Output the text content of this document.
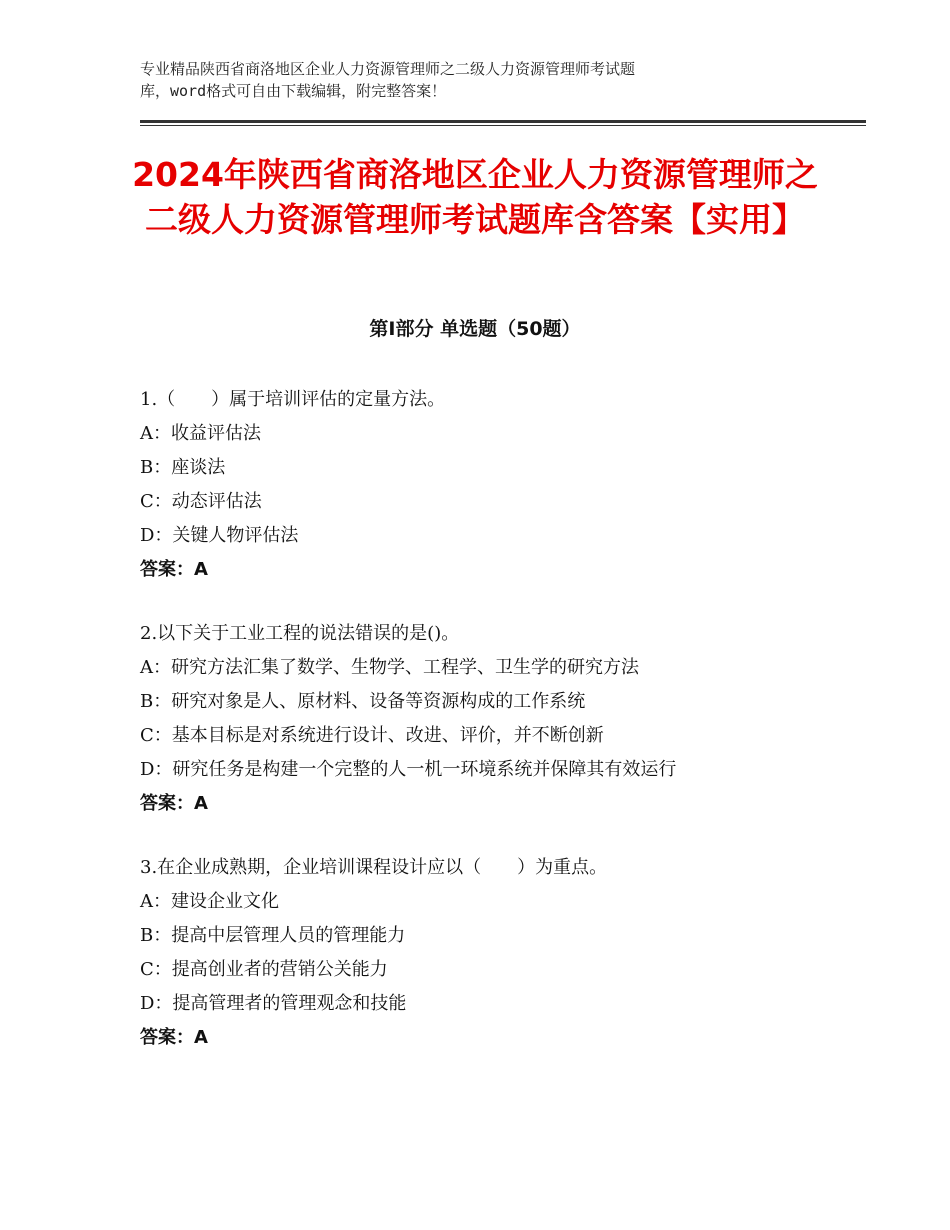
专业精品陕西省商洛地区企业人力资源管理师之二级人力资源管理师考试题
库，word格式可自由下载编辑，附完整答案！
2024年陕西省商洛地区企业人力资源管理师之二级人力资源管理师考试题库含答案【实用】
第Ⅰ部分 单选题（50题）
1.（　　）属于培训评估的定量方法。
A：收益评估法
B：座谈法
C：动态评估法
D：关键人物评估法
答案：A
2.以下关于工业工程的说法错误的是()。
A：研究方法汇集了数学、生物学、工程学、卫生学的研究方法
B：研究对象是人、原材料、设备等资源构成的工作系统
C：基本目标是对系统进行设计、改进、评价，并不断创新
D：研究任务是构建一个完整的人一机一环境系统并保障其有效运行
答案：A
3.在企业成熟期，企业培训课程设计应以（　　）为重点。
A：建设企业文化
B：提高中层管理人员的管理能力
C：提高创业者的营销公关能力
D：提高管理者的管理观念和技能
答案：A
